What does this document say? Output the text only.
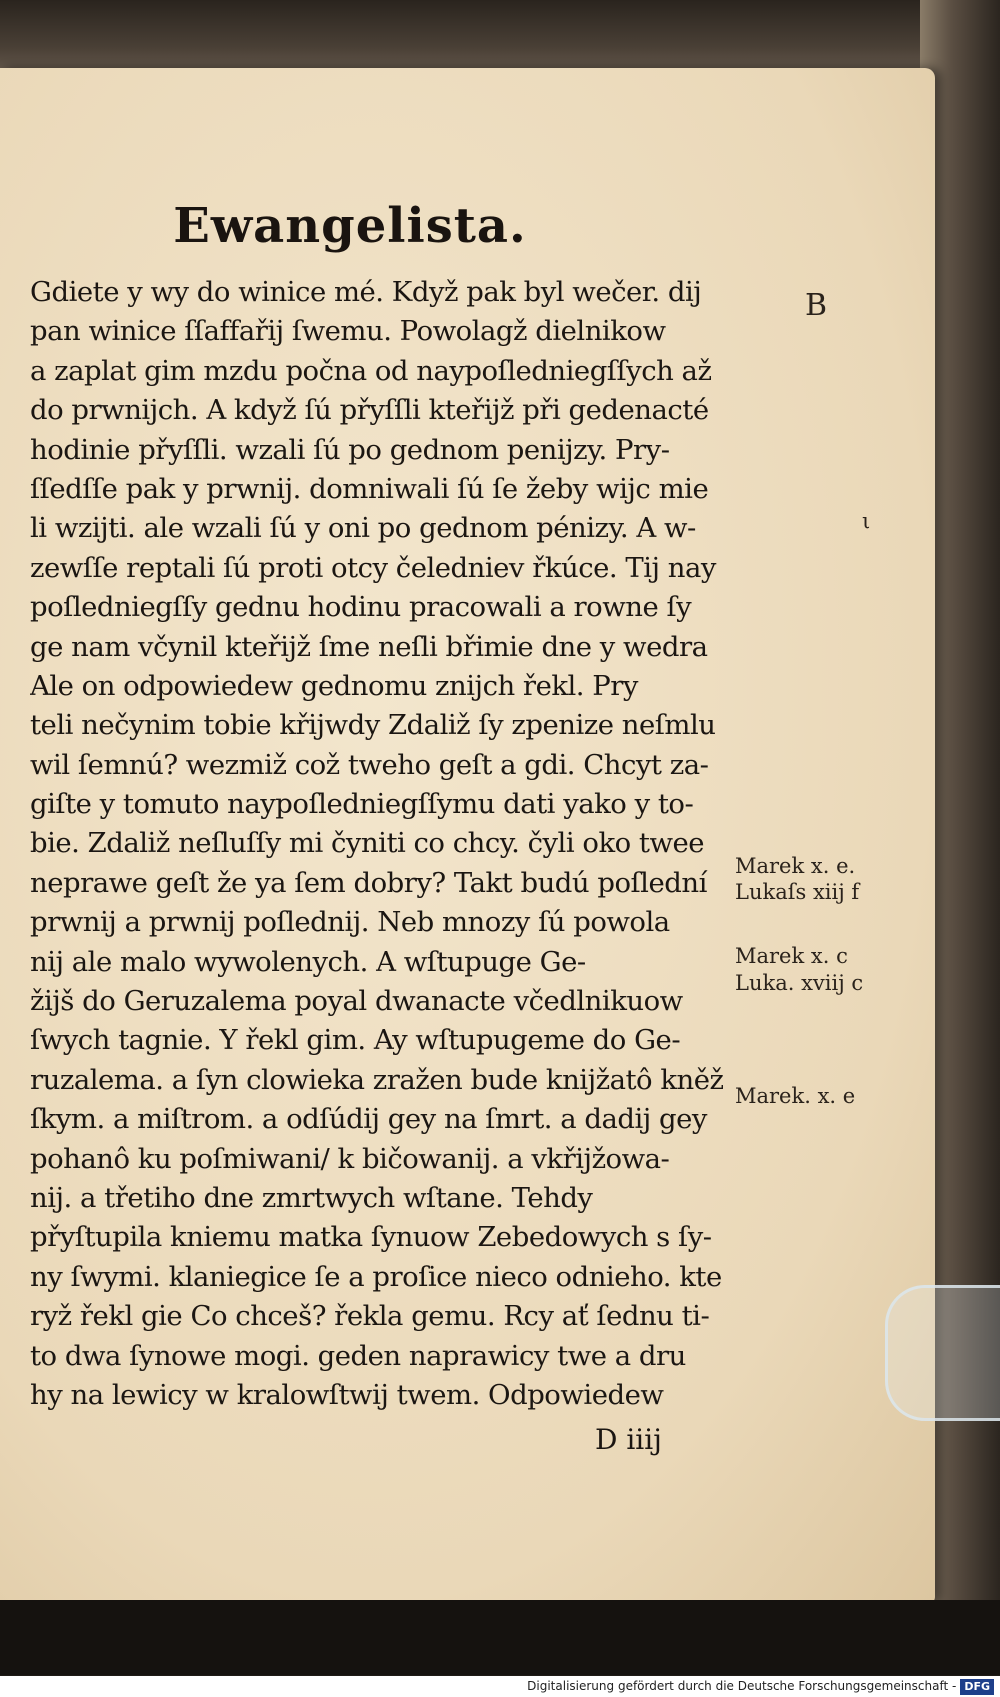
Ewangelista.
Gdiete y wy do winice mé. Když pak byl wečer. dij
pan winice ſſaffařij ſwemu. Powolagž dielnikow
a zaplat gim mzdu počna od naypoſledniegſſych až
do prwnijch. A když ſú přyſſli kteřijž při gedenacté
hodinie přyſſli. wzali ſú po gednom penijzy. Pry-
ſſedſſe pak y prwnij. domniwali ſú ſe žeby wijc mie
li wzijti. ale wzali ſú y oni po gednom pénizy. A w-
zewſſe reptali ſú proti otcy čeledniev řkúce. Tij nay
poſledniegſſy gednu hodinu pracowali a rowne ſy
ge nam včynil kteřijž ſme neſli břimie dne y wedra
Ale on odpowiedew gednomu znijch řekl. Pry
teli nečynim tobie křijwdy Zdaliž ſy zpenize neſmlu
wil ſemnú? wezmiž což tweho geſt a gdi. Chcyt za-
giſte y tomuto naypoſledniegſſymu dati yako y to-
bie. Zdaliž neſluſſy mi čyniti co chcy. čyli oko twee
neprawe geſt že ya ſem dobry? Takt budú poſlední
prwnij a prwnij poſlednij. Neb mnozy ſú powola
nij ale malo wywolenych. A wſtupuge Ge-
žijš do Geruzalema poyal dwanacte včedlnikuow
ſwych tagnie. Y řekl gim. Ay wſtupugeme do Ge-
ruzalema. a ſyn clowieka zražen bude knijžatô kněž
ſkym. a miſtrom. a odſúdij gey na ſmrt. a dadij gey
pohanô ku poſmiwani/ k bičowanij. a vkřijžowa-
nij. a třetiho dne zmrtwych wſtane. Tehdy
přyſtupila kniemu matka ſynuow Zebedowych s ſy-
ny ſwymi. klaniegice ſe a proſice nieco odnieho. kte
ryž řekl gie Co chceš? řekla gemu. Rcy ať ſednu ti-
to dwa ſynowe mogi. geden naprawicy twe a dru
hy na lewicy w kralowſtwij twem. Odpowiedew
B
ι
Marek x. e.
Lukaſs xiij f
Marek x. c
Luka. xviij c
Marek. x. e
D iiij
Digitalisierung gefördert durch die Deutsche Forschungsgemeinschaft - DFG
